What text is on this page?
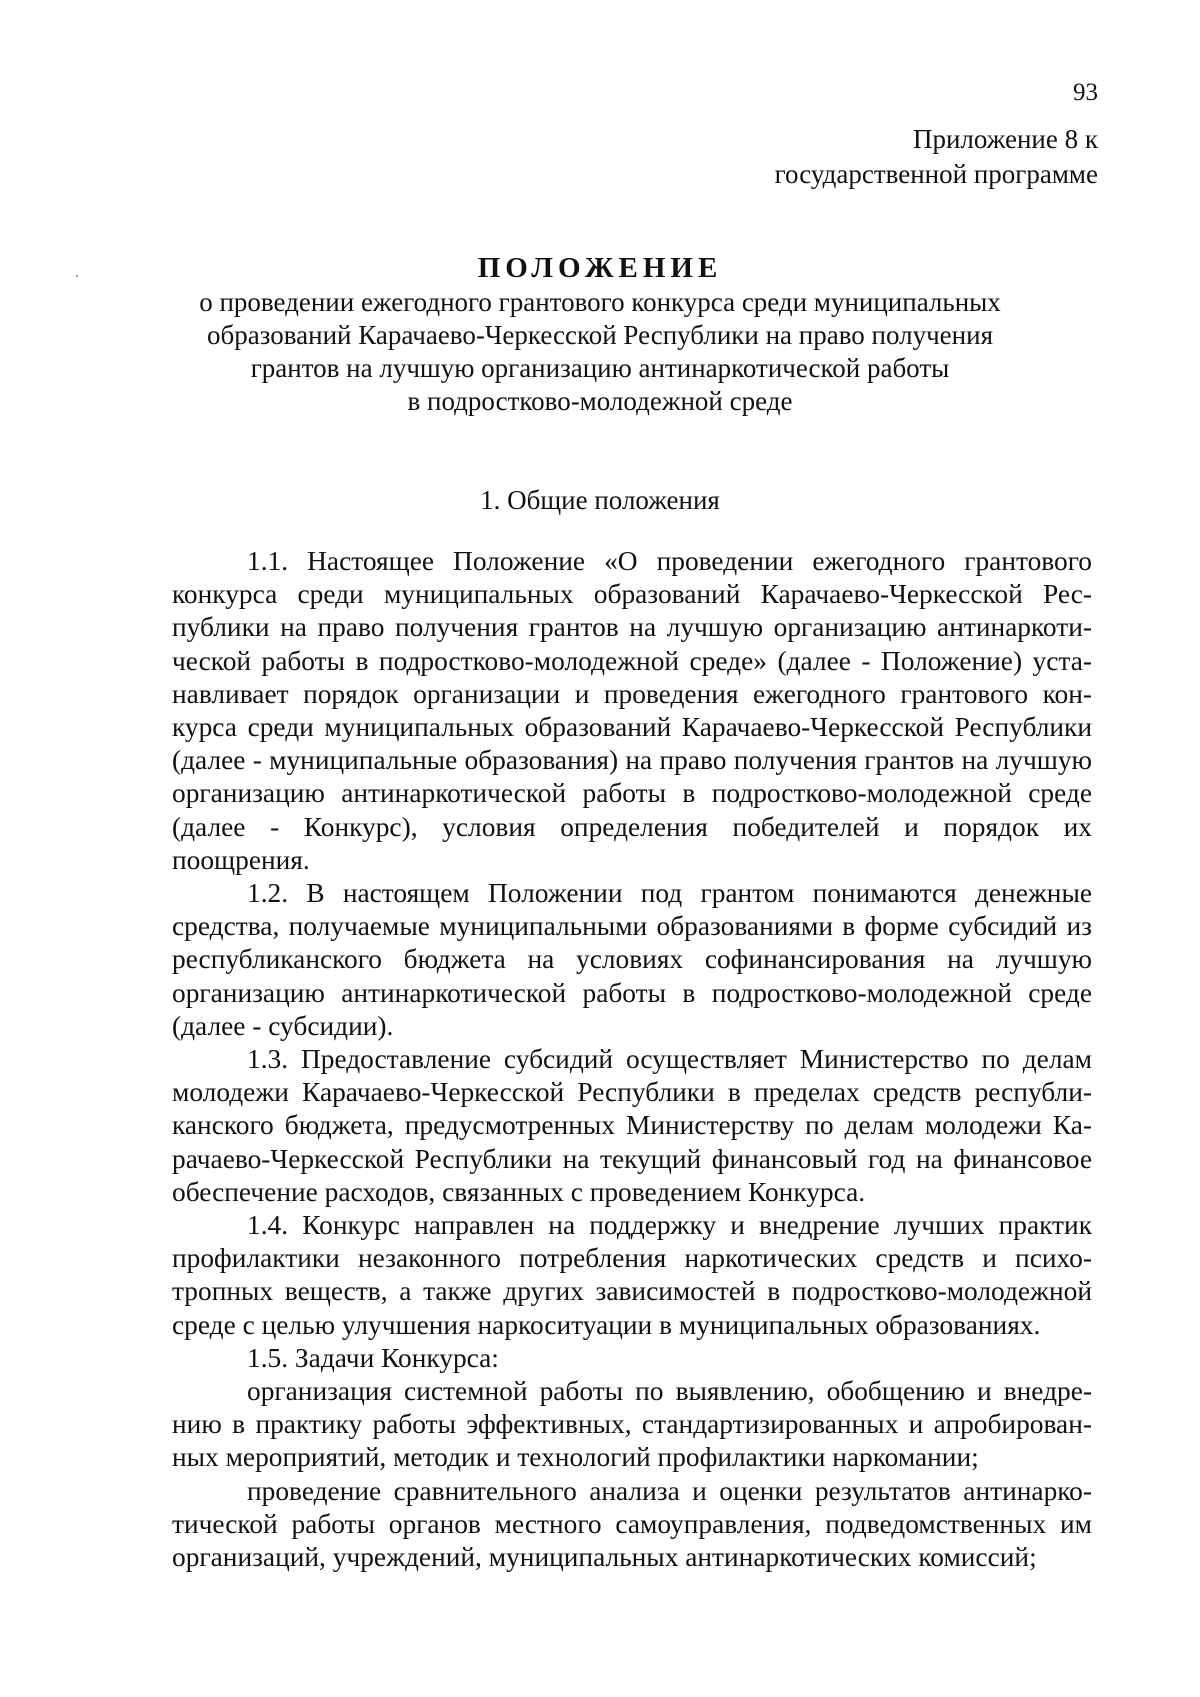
93

Приложение 8 к
государственной программе
ПОЛОЖЕНИЕ
о проведении ежегодного грантового конкурса среди муниципальных
образований Карачаево-Черкесской Республики на право получения
грантов на лучшую организацию антинаркотической работы
в подростково-молодежной среде
1. Общие положения

1.1. Настоящее Положение «О проведении ежегодного грантового конкурса среди муниципальных образований Карачаево-Черкесской Республики на право получения грантов на лучшую организацию антинаркотической работы в подростково-молодежной среде» (далее - Положение) устанавливает порядок организации и проведения ежегодного грантового конкурса среди муниципальных образований Карачаево-Черкесской Республики (далее - муниципальные образования) на право получения грантов на лучшую организацию антинаркотической работы в подростково-молодежной среде (далее - Конкурс), условия определения победителей и порядок их поощрения.

1.2. В настоящем Положении под грантом понимаются денежные средства, получаемые муниципальными образованиями в форме субсидий из республиканского бюджета на условиях софинансирования на лучшую организацию антинаркотической работы в подростково-молодежной среде (далее - субсидии).

1.3. Предоставление субсидий осуществляет Министерство по делам молодежи Карачаево-Черкесской Республики в пределах средств республиканского бюджета, предусмотренных Министерству по делам молодежи Карачаево-Черкесской Республики на текущий финансовый год на финансовое обеспечение расходов, связанных с проведением Конкурса.

1.4. Конкурс направлен на поддержку и внедрение лучших практик профилактики незаконного потребления наркотических средств и психотропных веществ, а также других зависимостей в подростково-молодежной среде с целью улучшения наркоситуации в муниципальных образованиях.

1.5. Задачи Конкурса:

организация системной работы по выявлению, обобщению и внедрению в практику работы эффективных, стандартизированных и апробированных мероприятий, методик и технологий профилактики наркомании;

проведение сравнительного анализа и оценки результатов антинаркотической работы органов местного самоуправления, подведомственных им организаций, учреждений, муниципальных антинаркотических комиссий;
